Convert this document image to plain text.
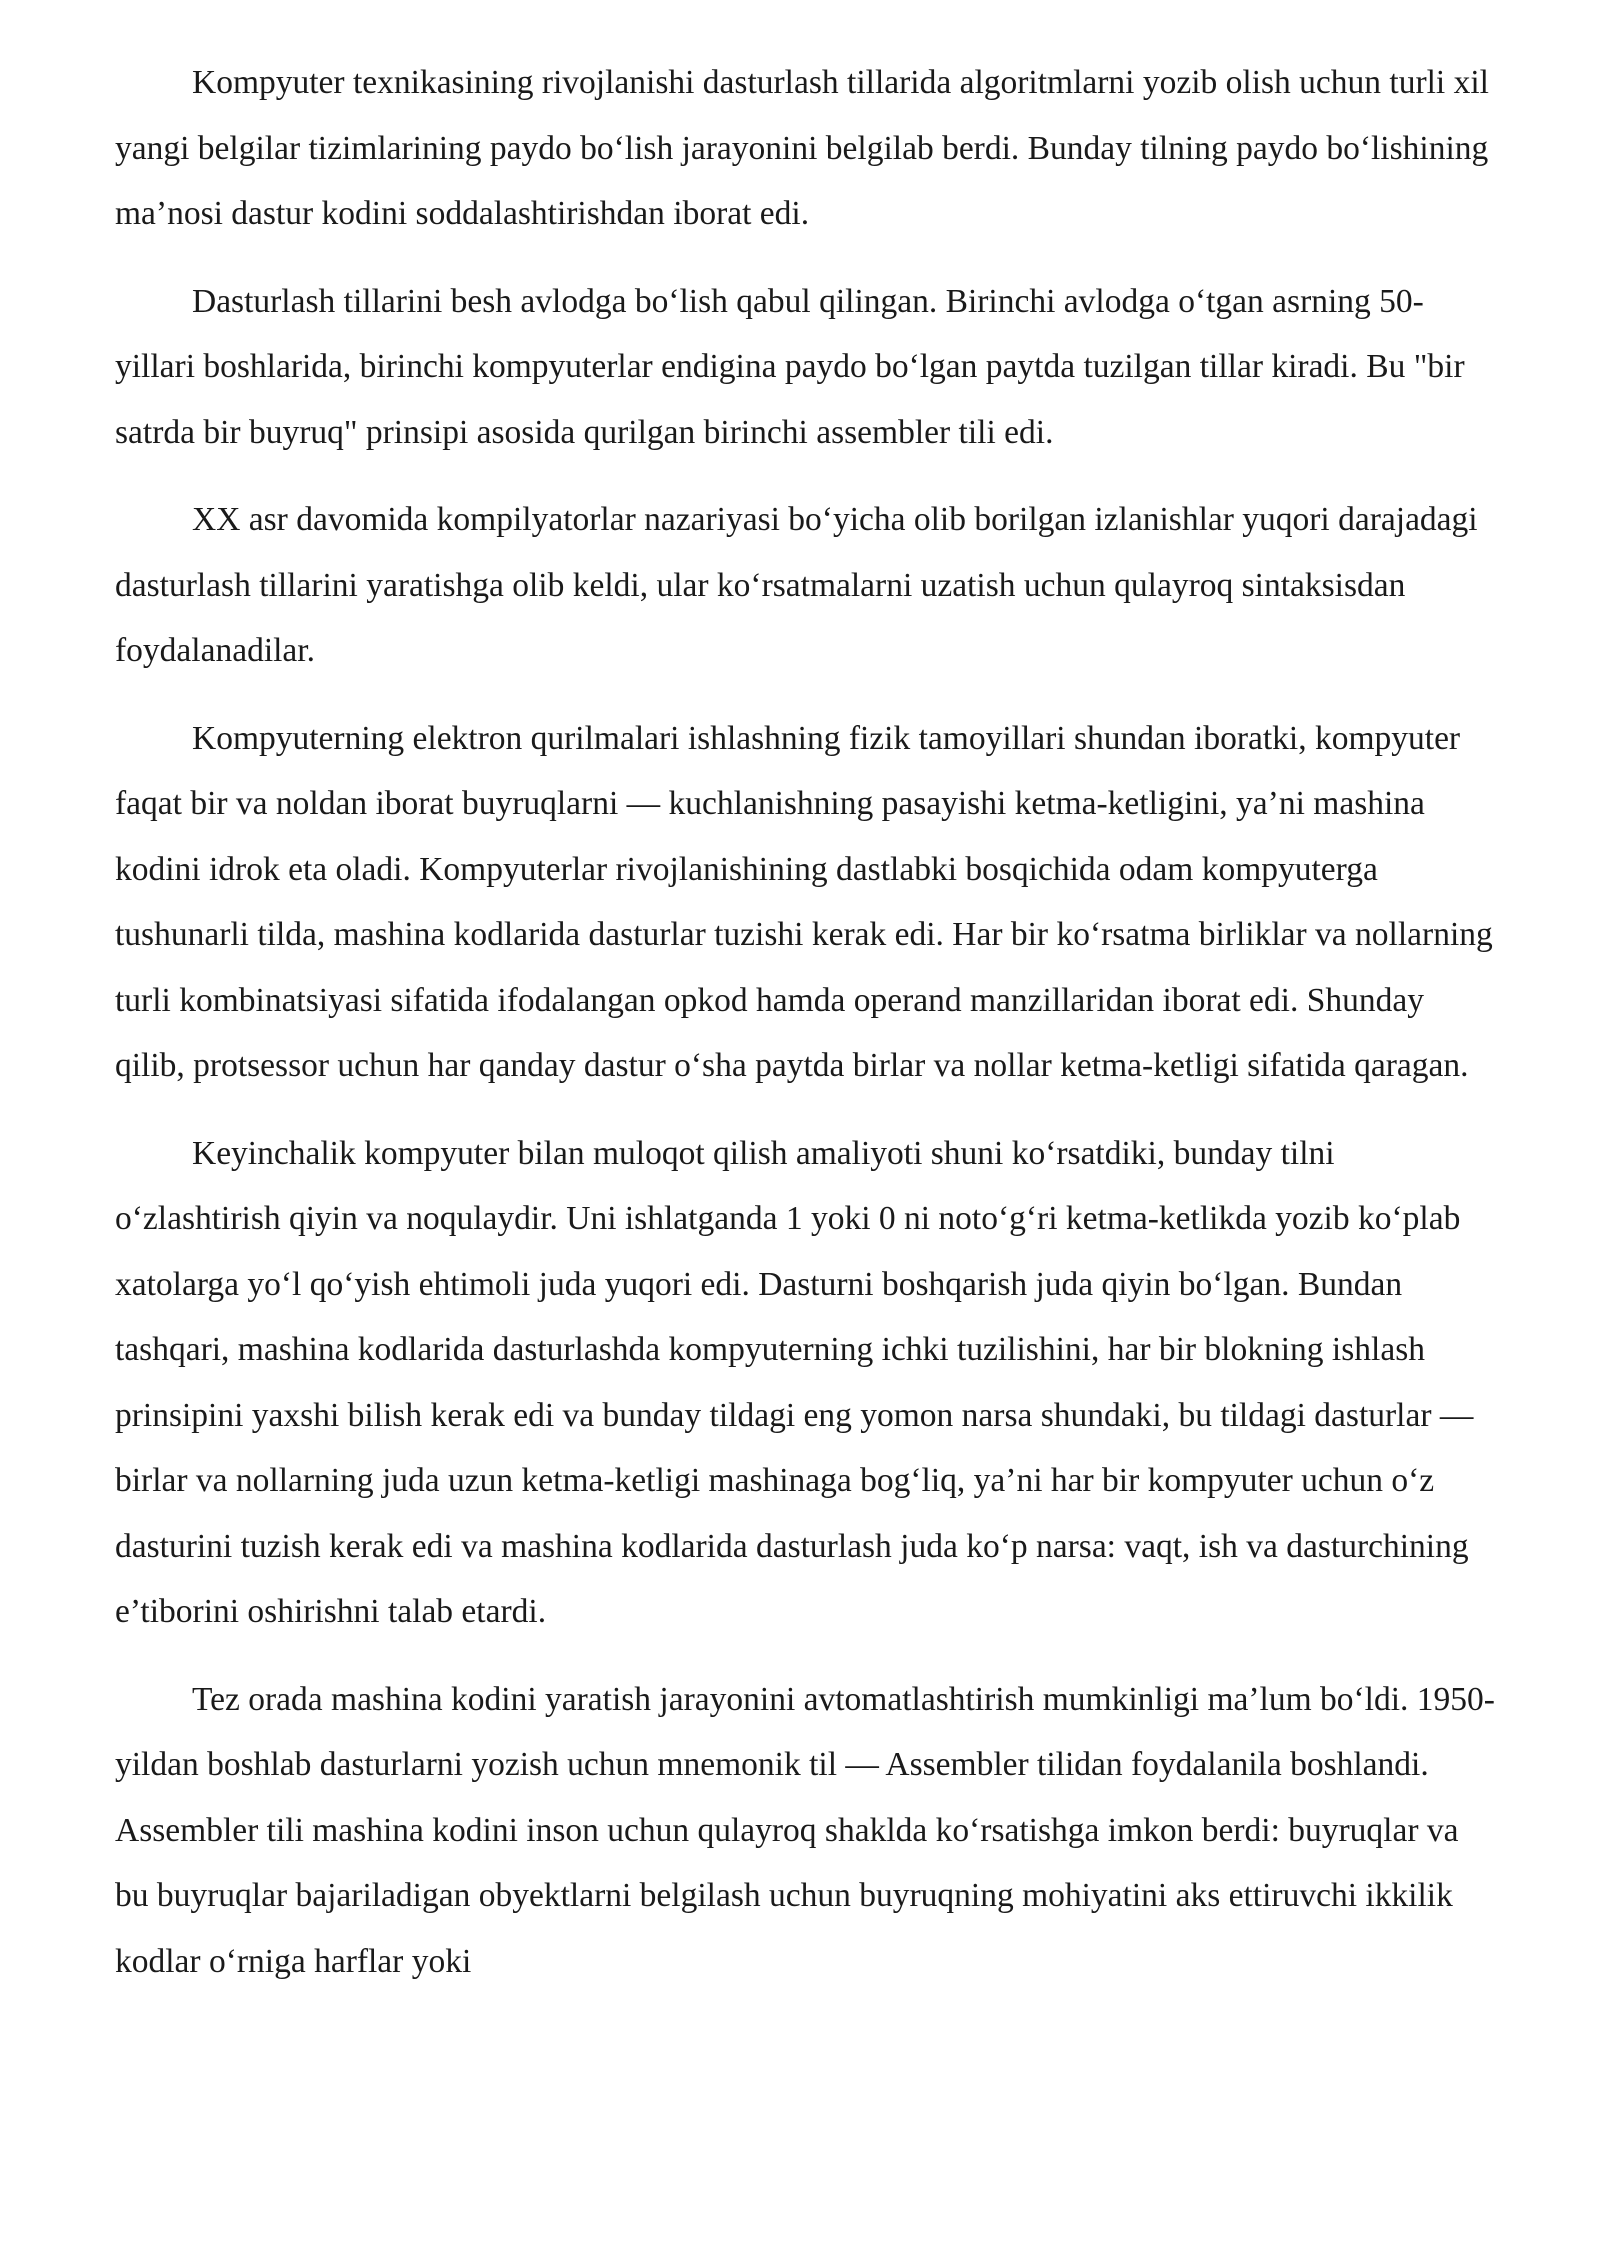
Kompyuter texnikasining rivojlanishi dasturlash tillarida algoritmlarni yozib olish uchun turli xil yangi belgilar tizimlarining paydo bo‘lish jarayonini belgilab berdi. Bunday tilning paydo bo‘lishining ma’nosi dastur kodini soddalashtirishdan iborat edi.

Dasturlash tillarini besh avlodga bo‘lish qabul qilingan. Birinchi avlodga o‘tgan asrning 50-yillari boshlarida, birinchi kompyuterlar endigina paydo bo‘lgan paytda tuzilgan tillar kiradi. Bu "bir satrda bir buyruq" prinsipi asosida qurilgan birinchi assembler tili edi.

XX asr davomida kompilyatorlar nazariyasi bo‘yicha olib borilgan izlanishlar yuqori darajadagi dasturlash tillarini yaratishga olib keldi, ular ko‘rsatmalarni uzatish uchun qulayroq sintaksisdan foydalanadilar.

Kompyuterning elektron qurilmalari ishlashning fizik tamoyillari shundan iboratki, kompyuter faqat bir va noldan iborat buyruqlarni — kuchlanishning pasayishi ketma-ketligini, ya’ni mashina kodini idrok eta oladi. Kompyuterlar rivojlanishining dastlabki bosqichida odam kompyuterga tushunarli tilda, mashina kodlarida dasturlar tuzishi kerak edi. Har bir ko‘rsatma birliklar va nollarning turli kombinatsiyasi sifatida ifodalangan opkod hamda operand manzillaridan iborat edi. Shunday qilib, protsessor uchun har qanday dastur o‘sha paytda birlar va nollar ketma-ketligi sifatida qaragan.

Keyinchalik kompyuter bilan muloqot qilish amaliyoti shuni ko‘rsatdiki, bunday tilni o‘zlashtirish qiyin va noqulaydir. Uni ishlatganda 1 yoki 0 ni noto‘g‘ri ketma-ketlikda yozib ko‘plab xatolarga yo‘l qo‘yish ehtimoli juda yuqori edi. Dasturni boshqarish juda qiyin bo‘lgan. Bundan tashqari, mashina kodlarida dasturlashda kompyuterning ichki tuzilishini, har bir blokning ishlash prinsipini yaxshi bilish kerak edi va bunday tildagi eng yomon narsa shundaki, bu tildagi dasturlar — birlar va nollarning juda uzun ketma-ketligi mashinaga bog‘liq, ya’ni har bir kompyuter uchun o‘z dasturini tuzish kerak edi va mashina kodlarida dasturlash juda ko‘p narsa: vaqt, ish va dasturchining e’tiborini oshirishni talab etardi.

Tez orada mashina kodini yaratish jarayonini avtomatlashtirish mumkinligi ma’lum bo‘ldi. 1950-yildan boshlab dasturlarni yozish uchun mnemonik til — Assembler tilidan foydalanila boshlandi. Assembler tili mashina kodini inson uchun qulayroq shaklda ko‘rsatishga imkon berdi: buyruqlar va bu buyruqlar bajariladigan obyektlarni belgilash uchun buyruqning mohiyatini aks ettiruvchi ikkilik kodlar o‘rniga harflar yoki
